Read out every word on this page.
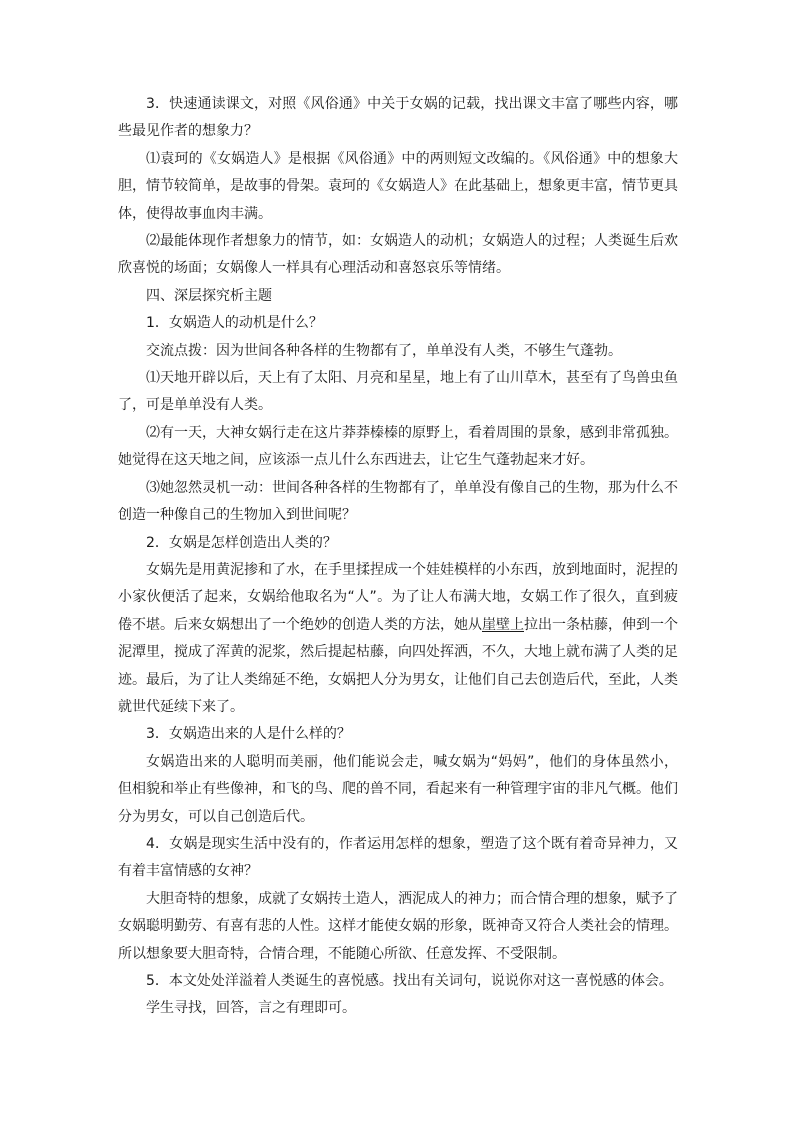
3．快速通读课文，对照《风俗通》中关于女娲的记载，找出课文丰富了哪些内容，哪些最见作者的想象力？

⑴袁珂的《女娲造人》是根据《风俗通》中的两则短文改编的。《风俗通》中的想象大胆，情节较简单，是故事的骨架。袁珂的《女娲造人》在此基础上，想象更丰富，情节更具体，使得故事血肉丰满。

⑵最能体现作者想象力的情节，如：女娲造人的动机；女娲造人的过程；人类诞生后欢欣喜悦的场面；女娲像人一样具有心理活动和喜怒哀乐等情绪。

四、深层探究析主题

1．女娲造人的动机是什么？

交流点拨：因为世间各种各样的生物都有了，单单没有人类，不够生气蓬勃。

⑴天地开辟以后，天上有了太阳、月亮和星星，地上有了山川草木，甚至有了鸟兽虫鱼了，可是单单没有人类。

⑵有一天，大神女娲行走在这片莽莽榛榛的原野上，看着周围的景象，感到非常孤独。她觉得在这天地之间，应该添一点儿什么东西进去，让它生气蓬勃起来才好。

⑶她忽然灵机一动：世间各种各样的生物都有了，单单没有像自己的生物，那为什么不创造一种像自己的生物加入到世间呢？

2．女娲是怎样创造出人类的？

女娲先是用黄泥掺和了水，在手里揉捏成一个娃娃模样的小东西，放到地面时，泥捏的小家伙便活了起来，女娲给他取名为“人”。为了让人布满大地，女娲工作了很久，直到疲倦不堪。后来女娲想出了一个绝妙的创造人类的方法，她从崖壁上拉出一条枯藤，伸到一个泥潭里，搅成了浑黄的泥浆，然后提起枯藤，向四处挥洒，不久，大地上就布满了人类的足迹。最后，为了让人类绵延不绝，女娲把人分为男女，让他们自己去创造后代，至此，人类就世代延续下来了。

3．女娲造出来的人是什么样的？

女娲造出来的人聪明而美丽，他们能说会走，喊女娲为“妈妈”，他们的身体虽然小，但相貌和举止有些像神，和飞的鸟、爬的兽不同，看起来有一种管理宇宙的非凡气概。他们分为男女，可以自己创造后代。

4．女娲是现实生活中没有的，作者运用怎样的想象，塑造了这个既有着奇异神力，又有着丰富情感的女神？

大胆奇特的想象，成就了女娲抟土造人，洒泥成人的神力；而合情合理的想象，赋予了女娲聪明勤劳、有喜有悲的人性。这样才能使女娲的形象，既神奇又符合人类社会的情理。所以想象要大胆奇特，合情合理，不能随心所欲、任意发挥、不受限制。

5．本文处处洋溢着人类诞生的喜悦感。找出有关词句，说说你对这一喜悦感的体会。

学生寻找，回答，言之有理即可。
